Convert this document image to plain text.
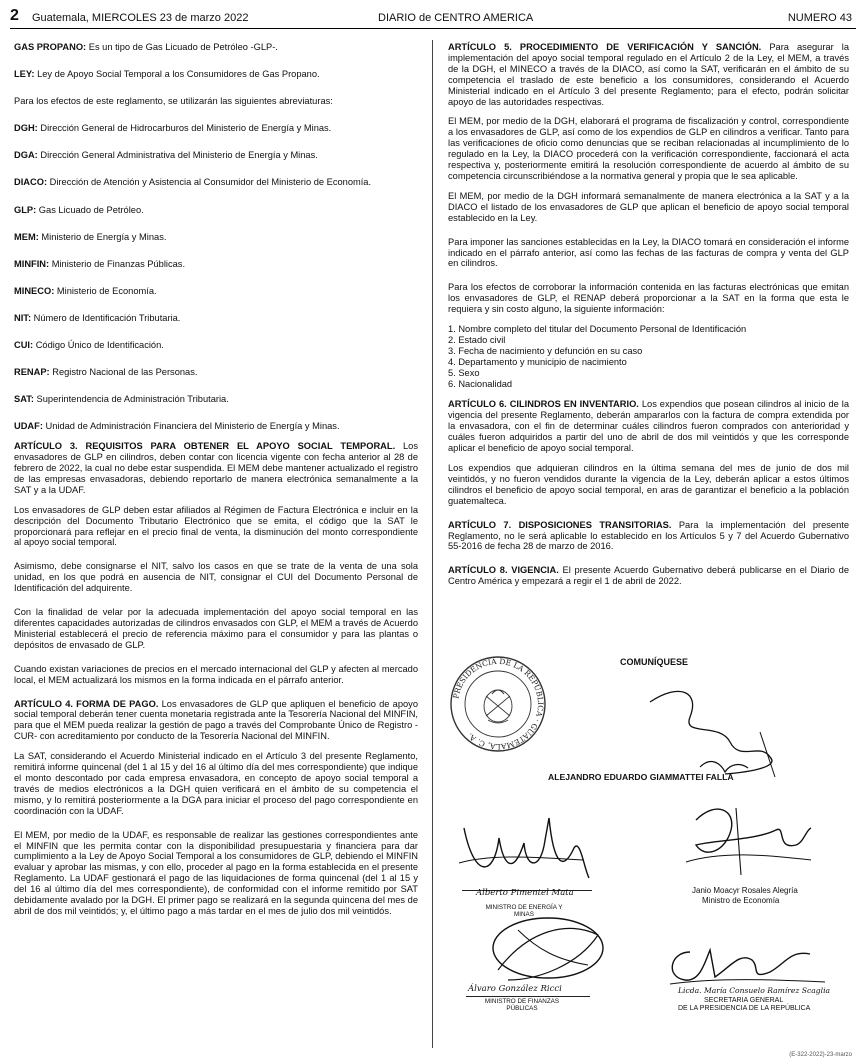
2 Guatemala, MIERCOLES 23 de marzo 2022	DIARIO de CENTRO AMERICA	NUMERO 43

GAS PROPANO: Es un tipo de Gas Licuado de Petróleo -GLP-.

LEY: Ley de Apoyo Social Temporal a los Consumidores de Gas Propano.

Para los efectos de este reglamento, se utilizarán las siguientes abreviaturas:

DGH: Dirección General de Hidrocarburos del Ministerio de Energía y Minas.

DGA: Dirección General Administrativa del Ministerio de Energía y Minas.

DIACO: Dirección de Atención y Asistencia al Consumidor del Ministerio de Economía.

GLP: Gas Licuado de Petróleo.

MEM: Ministerio de Energía y Minas.

MINFIN: Ministerio de Finanzas Públicas.

MINECO: Ministerio de Economía.

NIT: Número de Identificación Tributaria.

CUI: Código Único de Identificación.

RENAP: Registro Nacional de las Personas.

SAT: Superintendencia de Administración Tributaria.

UDAF: Unidad de Administración Financiera del Ministerio de Energía y Minas.

ARTÍCULO 3. REQUISITOS PARA OBTENER EL APOYO SOCIAL TEMPORAL. Los envasadores de GLP en cilindros, deben contar con licencia vigente con fecha anterior al 28 de febrero de 2022, la cual no debe estar suspendida. El MEM debe mantener actualizado el registro de las empresas envasadoras, debiendo reportarlo de manera electrónica semanalmente a la SAT y a la UDAF.

Los envasadores de GLP deben estar afiliados al Régimen de Factura Electrónica e incluir en la descripción del Documento Tributario Electrónico que se emita, el código que la SAT le proporcionará para reflejar en el precio final de venta, la disminución del monto correspondiente al apoyo social temporal.

Asimismo, debe consignarse el NIT, salvo los casos en que se trate de la venta de una sola unidad, en los que podrá en ausencia de NIT, consignar el CUI del Documento Personal de Identificación del adquirente.

Con la finalidad de velar por la adecuada implementación del apoyo social temporal en las diferentes capacidades autorizadas de cilindros envasados con GLP, el MEM a través de Acuerdo Ministerial establecerá el precio de referencia máximo para el consumidor y para las plantas o depósitos de envasado de GLP.

Cuando existan variaciones de precios en el mercado internacional del GLP y afecten al mercado local, el MEM actualizará los mismos en la forma indicada en el párrafo anterior.

ARTÍCULO 4. FORMA DE PAGO. Los envasadores de GLP que apliquen el beneficio de apoyo social temporal deberán tener cuenta monetaria registrada ante la Tesorería Nacional del MINFIN, para que el MEM pueda realizar la gestión de pago a través del Comprobante Único de Registro -CUR- con acreditamiento por conducto de la Tesorería Nacional del MINFIN.

La SAT, considerando el Acuerdo Ministerial indicado en el Artículo 3 del presente Reglamento, remitirá informe quincenal (del 1 al 15 y del 16 al último día del mes correspondiente) que indique el monto descontado por cada empresa envasadora, en concepto de apoyo social temporal a través de medios electrónicos a la DGH quien verificará en el ámbito de su competencia el mismo, y lo remitirá posteriormente a la DGA para iniciar el proceso del pago correspondiente en coordinación con la UDAF.

El MEM, por medio de la UDAF, es responsable de realizar las gestiones correspondientes ante el MINFIN que les permita contar con la disponibilidad presupuestaria y financiera para dar cumplimiento a la Ley de Apoyo Social Temporal a los consumidores de GLP, debiendo el MINFIN evaluar y aprobar las mismas, y con ello, proceder al pago en la forma establecida en el presente Reglamento. La UDAF gestionará el pago de las liquidaciones de forma quincenal (del 1 al 15 y del 16 al último día del mes correspondiente), de conformidad con el informe remitido por SAT debidamente avalado por la DGH. El primer pago se realizará en la segunda quincena del mes de abril de dos mil veintidós; y, el último pago a más tardar en el mes de julio dos mil veintidós.

ARTÍCULO 5. PROCEDIMIENTO DE VERIFICACIÓN Y SANCIÓN. Para asegurar la implementación del apoyo social temporal regulado en el Artículo 2 de la Ley, el MEM, a través de la DGH, el MINECO a través de la DIACO, así como la SAT, verificarán en el ámbito de su competencia el traslado de este beneficio a los consumidores, considerando el Acuerdo Ministerial indicado en el Artículo 3 del presente Reglamento; para el efecto, podrán solicitar apoyo de las autoridades respectivas.

El MEM, por medio de la DGH, elaborará el programa de fiscalización y control, correspondiente a los envasadores de GLP, así como de los expendios de GLP en cilindros a verificar. Tanto para las verificaciones de oficio como denuncias que se reciban relacionadas al incumplimiento de lo regulado en la Ley, la DIACO procederá con la verificación correspondiente, faccionará el acta respectiva y, posteriormente emitirá la resolución correspondiente de acuerdo al ámbito de su competencia circunscribiéndose a la normativa general y propia que le sea aplicable.

El MEM, por medio de la DGH informará semanalmente de manera electrónica a la SAT y a la DIACO el listado de los envasadores de GLP que aplican el beneficio de apoyo social temporal establecido en la Ley.

Para imponer las sanciones establecidas en la Ley, la DIACO tomará en consideración el informe indicado en el párrafo anterior, así como las fechas de las facturas de compra y venta del GLP en cilindros.

Para los efectos de corroborar la información contenida en las facturas electrónicas que emitan los envasadores de GLP, el RENAP deberá proporcionar a la SAT en la forma que esta le requiera y sin costo alguno, la siguiente información:

1. Nombre completo del titular del Documento Personal de Identificación
2. Estado civil
3. Fecha de nacimiento y defunción en su caso
4. Departamento y municipio de nacimiento
5. Sexo
6. Nacionalidad

ARTÍCULO 6. CILINDROS EN INVENTARIO. Los expendios que posean cilindros al inicio de la vigencia del presente Reglamento, deberán ampararlos con la factura de compra extendida por la envasadora, con el fin de determinar cuáles cilindros fueron comprados con anterioridad y cuáles fueron adquiridos a partir del uno de abril de dos mil veintidós y que les corresponde aplicar el beneficio de apoyo social temporal.

Los expendios que adquieran cilindros en la última semana del mes de junio de dos mil veintidós, y no fueron vendidos durante la vigencia de la Ley, deberán aplicar a estos últimos cilindros el beneficio de apoyo social temporal, en aras de garantizar el beneficio a la población guatemalteca.

ARTÍCULO 7. DISPOSICIONES TRANSITORIAS. Para la implementación del presente Reglamento, no le será aplicable lo establecido en los Artículos 5 y 7 del Acuerdo Gubernativo 55-2016 de fecha 28 de marzo de 2016.

ARTÍCULO 8. VIGENCIA. El presente Acuerdo Gubernativo deberá publicarse en el Diario de Centro América y empezará a regir el 1 de abril de 2022.

PRESIDENCIA DE LA REPÚBLICA · GUATEMALA, C. A.
COMUNÍQUESE
ALEJANDRO EDUARDO GIAMMATTEI FALLA
Alberto Pimentel Mata
MINISTRO DE ENERGÍA Y MINAS
Janio Moacyr Rosales Alegría
Ministro de Economía
Álvaro González Ricci
MINISTRO DE FINANZAS PÚBLICAS
Licda. María Consuelo Ramírez Scaglia
SECRETARIA GENERAL
DE LA PRESIDENCIA DE LA REPÚBLICA
(E-322-2022)-23-marzo
